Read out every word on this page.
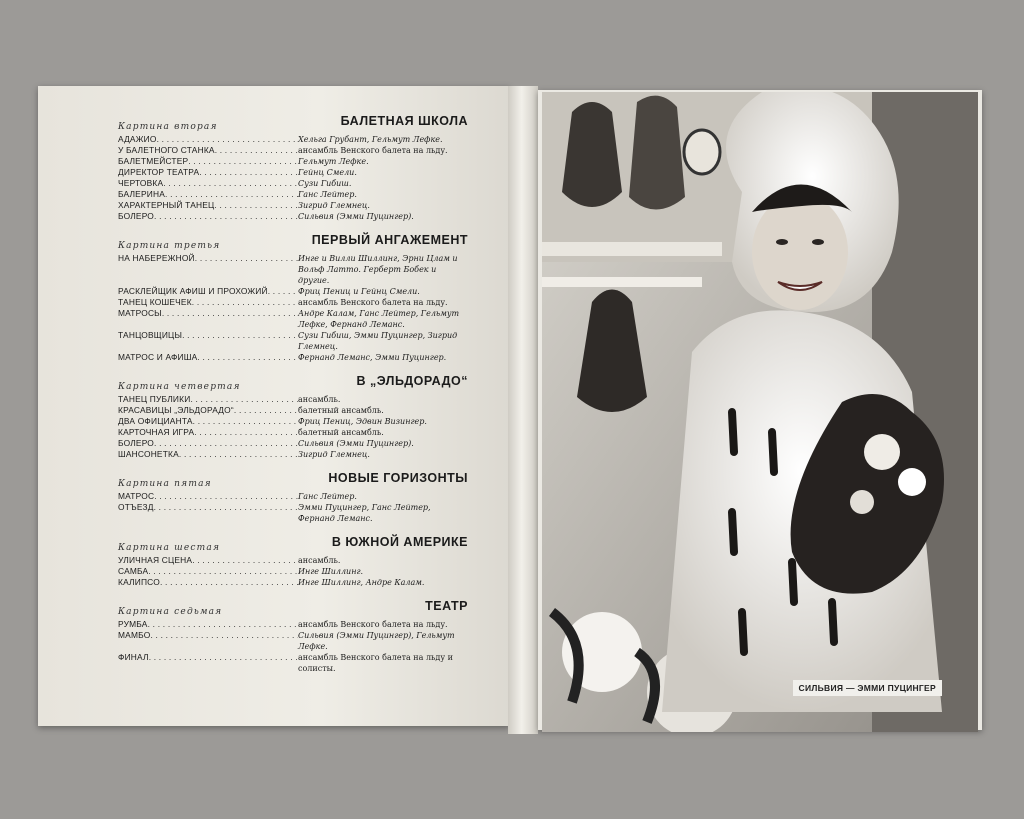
Картина вторая	БАЛЕТНАЯ ШКОЛА
АДАЖИО . . .	Хельга Грубант, Гельмут Лефке.
У БАЛЕТНОГО СТАНКА . . .	ансамбль Венского балета на льду.
БАЛЕТМЕЙСТЕР . . .	Гельмут Лефке.
ДИРЕКТОР ТЕАТРА . . .	Гейнц Смели.
ЧЕРТОВКА . . .	Сузи Гибиш.
БАЛЕРИНА . . .	Ганс Лейтер.
ХАРАКТЕРНЫЙ ТАНЕЦ . . .	Зигрид Глемнец.
БОЛЕРО . . .	Сильвия (Эмми Пуцингер).
Картина третья	ПЕРВЫЙ АНГАЖЕМЕНТ
НА НАБЕРЕЖНОЙ . . .	Инге и Вилли Шиллинг, Эрни Цлам и Вольф Латто. Герберт Бобек и другие.
РАСКЛЕЙЩИК АФИШ И ПРОХОЖИЙ . . .	Фриц Пениц и Гейнц Смели.
ТАНЕЦ КОШЕЧЕК . . .	ансамбль Венского балета на льду.
МАТРОСЫ . . .	Андре Калам, Ганс Лейтер, Гельмут Лефке, Фернанд Леманс.
ТАНЦОВЩИЦЫ . . .	Сузи Гибиш, Эмми Пуцингер, Зигрид Глемнец.
МАТРОС И АФИША . . .	Фернанд Леманс, Эмми Пуцингер.
Картина четвертая	В „ЭЛЬДОРАДО“
ТАНЕЦ ПУБЛИКИ . . .	ансамбль.
КРАСАВИЦЫ „ЭЛЬДОРАДО“ . . .	балетный ансамбль.
ДВА ОФИЦИАНТА . . .	Фриц Пениц, Эдвин Визингер.
КАРТОЧНАЯ ИГРА . . .	балетный ансамбль.
БОЛЕРО . . .	Сильвия (Эмми Пуцингер).
ШАНСОНЕТКА . . .	Зигрид Глемнец.
Картина пятая	НОВЫЕ ГОРИЗОНТЫ
МАТРОС . . .	Ганс Лейтер.
ОТЪЕЗД . . .	Эмми Пуцингер, Ганс Лейтер, Фернанд Леманс.
Картина шестая	В ЮЖНОЙ АМЕРИКЕ
УЛИЧНАЯ СЦЕНА . . .	ансамбль.
САМБА . . .	Инге Шиллинг.
КАЛИПСО . . .	Инге Шиллинг, Андре Калам.
Картина седьмая	ТЕАТР
РУМБА . . .	ансамбль Венского балета на льду.
МАМБО . . .	Сильвия (Эмми Пуцингер), Гельмут Лефке.
ФИНАЛ . . .	ансамбль Венского балета на льду и солисты.
СИЛЬВИЯ — ЭММИ ПУЦИНГЕР
